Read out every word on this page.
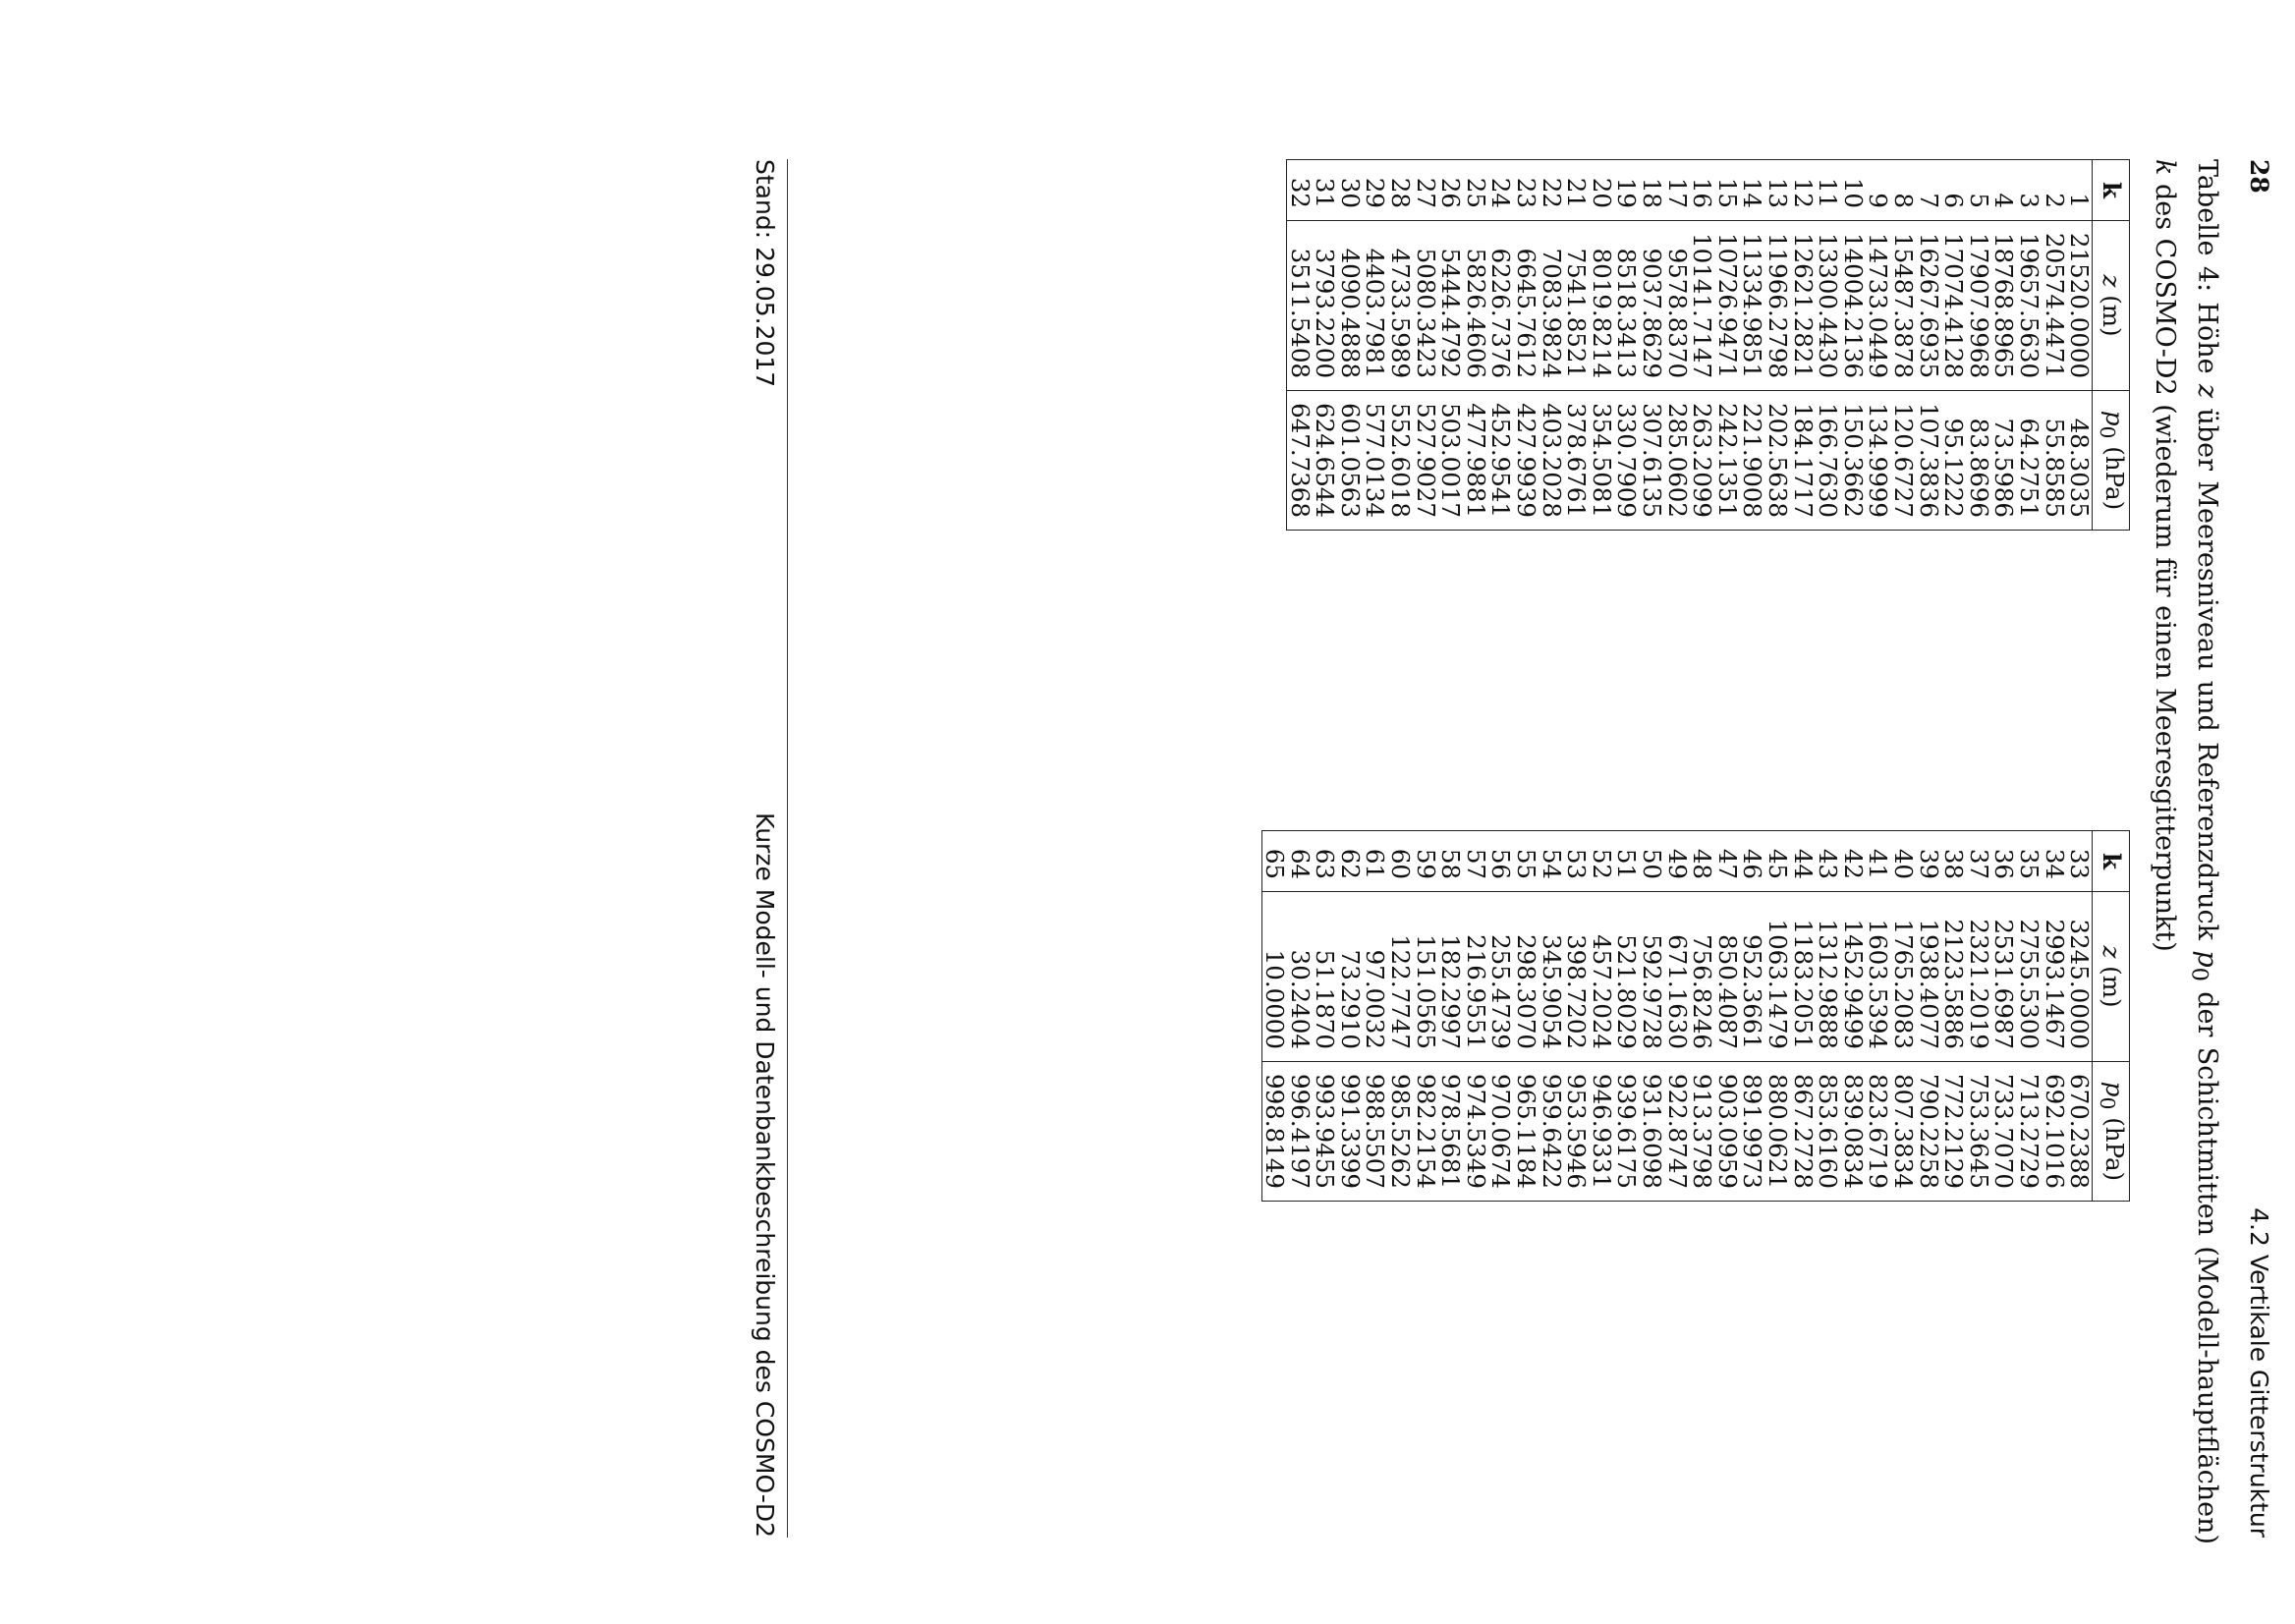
28
4.2 Vertikale Gitterstruktur
Tabelle 4: Höhe z über Meeresniveau und Referenzdruck $p_0$ der Schichtmitten (Modell-hauptflächen) k des COSMO-D2 (wiederum für einen Meeresgitterpunkt)
k	z (m)	$p_0$ (hPa)
1	21520.0000	48.3035
2	20574.4471	55.8585
3	19657.5630	64.2751
4	18768.8965	73.5986
5	17907.9968	83.8696
6	17074.4128	95.1222
7	16267.6935	107.3836
8	15487.3878	120.6727
9	14733.0449	134.9999
10	14004.2136	150.3662
11	13300.4430	166.7630
12	12621.2821	184.1717
13	11966.2798	202.5638
14	11334.9851	221.9008
15	10726.9471	242.1351
16	10141.7147	263.2099
17	9578.8370	285.0602
18	9037.8629	307.6135
19	8518.3413	330.7909
20	8019.8214	354.5081
21	7541.8521	378.6761
22	7083.9824	403.2028
23	6645.7612	427.9939
24	6226.7376	452.9541
25	5826.4606	477.9881
26	5444.4792	503.0017
27	5080.3423	527.9027
28	4733.5989	552.6018
29	4403.7981	577.0134
30	4090.4888	601.0563
31	3793.2200	624.6544
32	3511.5408	647.7368
k	z (m)	$p_0$ (hPa)
33	3245.0000	670.2388
34	2993.1467	692.1016
35	2755.5300	713.2729
36	2531.6987	733.7070
37	2321.2019	753.3645
38	2123.5886	772.2129
39	1938.4077	790.2258
40	1765.2083	807.3834
41	1603.5394	823.6719
42	1452.9499	839.0834
43	1312.9888	853.6160
44	1183.2051	867.2728
45	1063.1479	880.0621
46	952.3661	891.9973
47	850.4087	903.0959
48	756.8246	913.3798
49	671.1630	922.8747
50	592.9728	931.6098
51	521.8029	939.6175
52	457.2024	946.9331
53	398.7202	953.5946
54	345.9054	959.6422
55	298.3070	965.1184
56	255.4739	970.0674
57	216.9551	974.5349
58	182.2997	978.5681
59	151.0565	982.2154
60	122.7747	985.5262
61	97.0032	988.5507
62	73.2910	991.3399
63	51.1870	993.9455
64	30.2404	996.4197
65	10.0000	998.8149
Stand: 29.05.2017
Kurze Modell- und Datenbankbeschreibung des COSMO-D2
